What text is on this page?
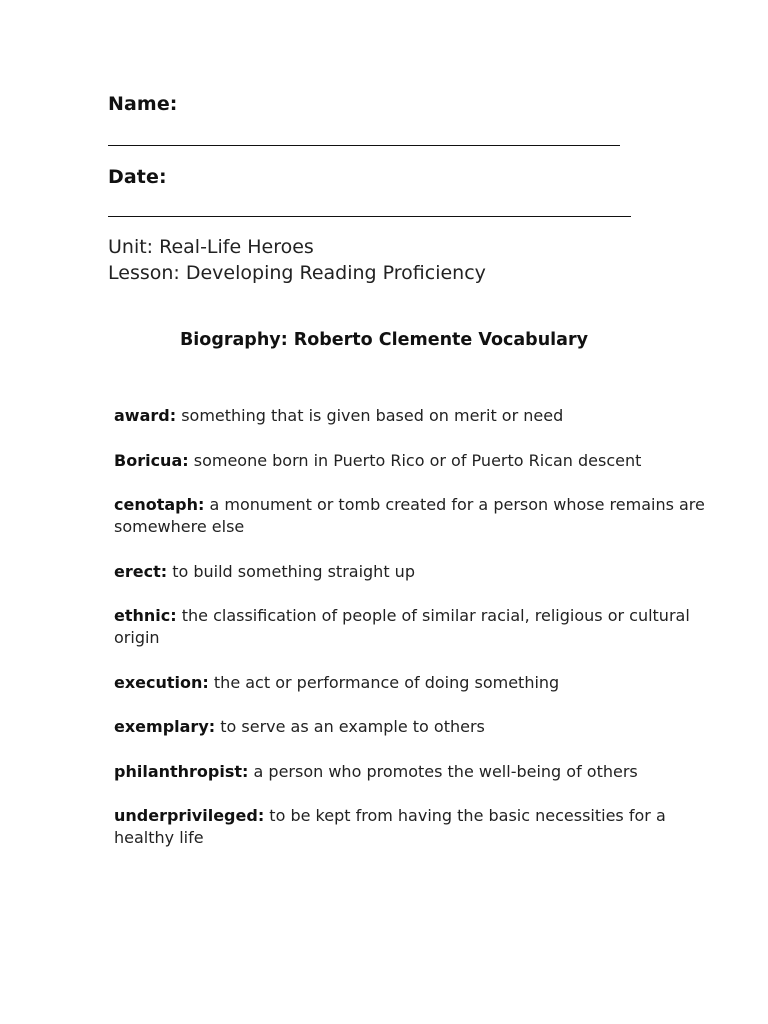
Name:
Date:
Unit: Real-Life Heroes
Lesson: Developing Reading Proficiency
Biography: Roberto Clemente Vocabulary
award: something that is given based on merit or need
Boricua: someone born in Puerto Rico or of Puerto Rican descent
cenotaph: a monument or tomb created for a person whose remains are somewhere else
erect: to build something straight up
ethnic: the classification of people of similar racial, religious or cultural origin
execution: the act or performance of doing something
exemplary: to serve as an example to others
philanthropist: a person who promotes the well-being of others
underprivileged: to be kept from having the basic necessities for a healthy life
